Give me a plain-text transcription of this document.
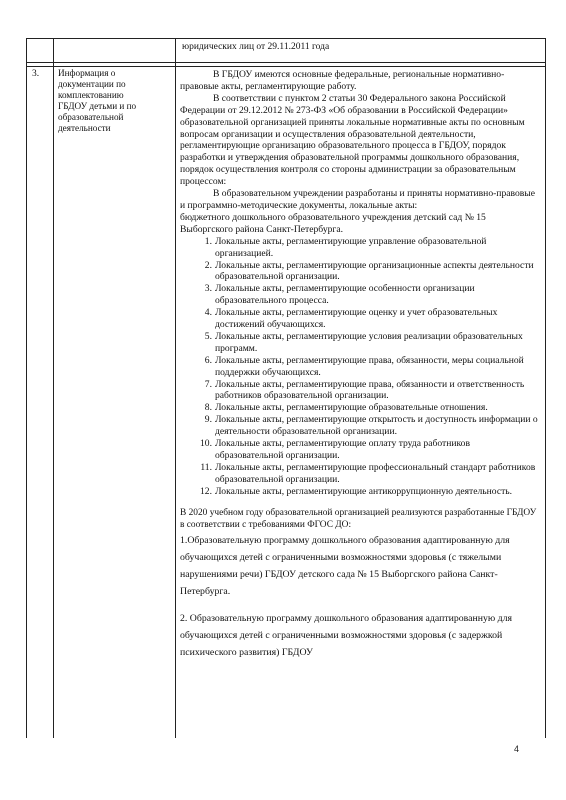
юридических лиц от 29.11.2011 года
3. Информация о
документации по
комплектованию
ГБДОУ детьми и по
образовательной
деятельности

В ГБДОУ имеются основные федеральные, региональные нормативно-правовые акты, регламентирующие работу.

В соответствии с пунктом 2 статьи 30 Федерального закона Российской Федерации от 29.12.2012 № 273-ФЗ «Об образовании в Российской Федерации» образовательной организацией приняты локальные нормативные акты по основным вопросам организации и осуществления образовательной деятельности, регламентирующие организацию образовательного процесса в ГБДОУ, порядок разработки и утверждения образовательной программы дошкольного образования, порядок осуществления контроля со стороны администрации за образовательным процессом:

В образовательном учреждении разработаны и приняты нормативно-правовые и программно-методические документы, локальные акты:

бюджетного дошкольного образовательного учреждения детский сад № 15 Выборгского района Санкт-Петербурга.

1. Локальные акты, регламентирующие управление образовательной организацией.
2. Локальные акты, регламентирующие организационные аспекты деятельности образовательной организации.
3. Локальные акты, регламентирующие особенности организации образовательного процесса.
4. Локальные акты, регламентирующие оценку и учет образовательных достижений обучающихся.
5. Локальные акты, регламентирующие условия реализации образовательных программ.
6. Локальные акты, регламентирующие права, обязанности, меры социальной поддержки обучающихся.
7. Локальные акты, регламентирующие права, обязанности и ответственность работников образовательной организации.
8. Локальные акты, регламентирующие образовательные отношения.
9. Локальные акты, регламентирующие открытость и доступность информации о деятельности образовательной организации.
10. Локальные акты, регламентирующие оплату труда работников образовательной организации.
11. Локальные акты, регламентирующие профессиональный стандарт работников образовательной организации.
12. Локальные акты, регламентирующие антикоррупционную деятельность.

В 2020 учебном году образовательной организацией реализуются разработанные ГБДОУ в соответствии с требованиями ФГОС ДО:

1.Образовательную программу дошкольного образования адаптированную для обучающихся детей с ограниченными возможностями здоровья (с тяжелыми нарушениями речи) ГБДОУ детского сада № 15 Выборгского района Санкт-Петербурга.

2. Образовательную программу дошкольного образования адаптированную для обучающихся детей с ограниченными возможностями здоровья (с задержкой психического развития) ГБДОУ

4
